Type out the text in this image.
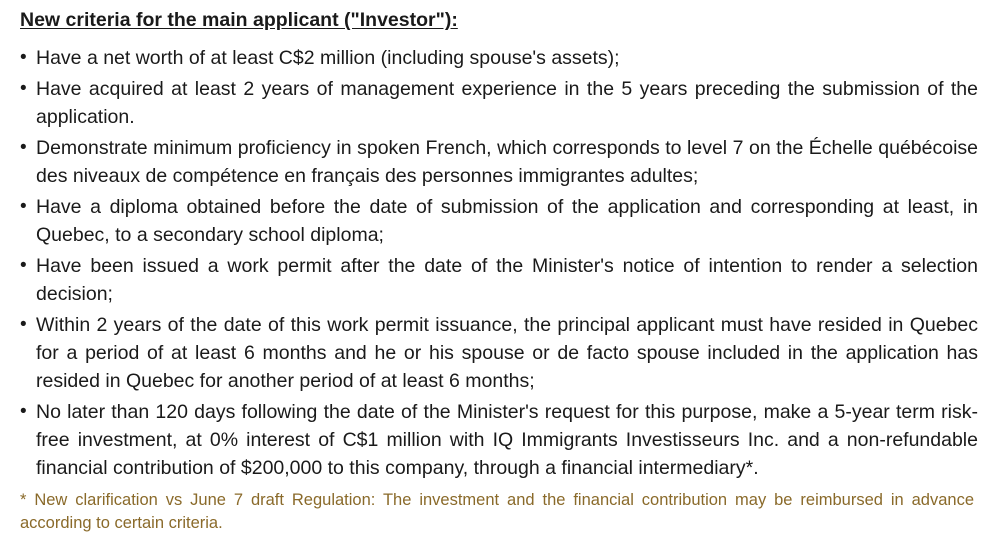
New criteria for the main applicant ("Investor"):
• Have a net worth of at least C$2 million (including spouse's assets);
• Have acquired at least 2 years of management experience in the 5 years preceding the submission of the application.
• Demonstrate minimum proficiency in spoken French, which corresponds to level 7 on the Échelle québécoise des niveaux de compétence en français des personnes immigrantes adultes;
• Have a diploma obtained before the date of submission of the application and corresponding at least, in Quebec, to a secondary school diploma;
• Have been issued a work permit after the date of the Minister's notice of intention to render a selection decision;
• Within 2 years of the date of this work permit issuance, the principal applicant must have resided in Quebec for a period of at least 6 months and he or his spouse or de facto spouse included in the application has resided in Quebec for another period of at least 6 months;
• No later than 120 days following the date of the Minister's request for this purpose, make a 5-year term risk-free investment, at 0% interest of C$1 million with IQ Immigrants Investisseurs Inc. and a non-refundable financial contribution of $200,000 to this company, through a financial intermediary*.
* New clarification vs June 7 draft Regulation: The investment and the financial contribution may be reimbursed in advance according to certain criteria.
